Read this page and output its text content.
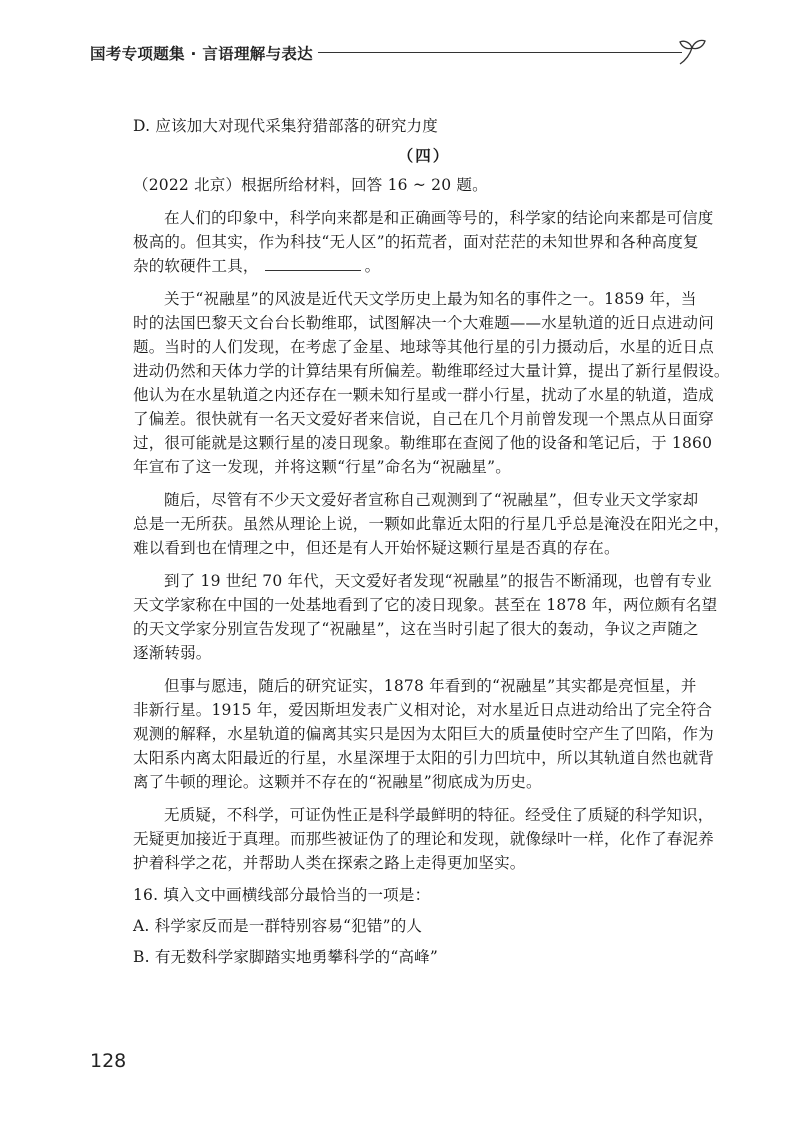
国考专项题集 · 言语理解与表达
D. 应该加大对现代采集狩猎部落的研究力度
（四）
（2022 北京）根据所给材料，回答 16 ~ 20 题。
在人们的印象中，科学向来都是和正确画等号的，科学家的结论向来都是可信度
极高的。但其实，作为科技“无人区”的拓荒者，面对茫茫的未知世界和各种高度复
杂的软硬件工具，	。
关于“祝融星”的风波是近代天文学历史上最为知名的事件之一。1859 年，当
时的法国巴黎天文台台长勒维耶，试图解决一个大难题——水星轨道的近日点进动问
题。当时的人们发现，在考虑了金星、地球等其他行星的引力摄动后，水星的近日点
进动仍然和天体力学的计算结果有所偏差。勒维耶经过大量计算，提出了新行星假设。
他认为在水星轨道之内还存在一颗未知行星或一群小行星，扰动了水星的轨道，造成
了偏差。很快就有一名天文爱好者来信说，自己在几个月前曾发现一个黑点从日面穿
过，很可能就是这颗行星的凌日现象。勒维耶在查阅了他的设备和笔记后，于 1860
年宣布了这一发现，并将这颗“行星”命名为“祝融星”。
随后，尽管有不少天文爱好者宣称自己观测到了“祝融星”，但专业天文学家却
总是一无所获。虽然从理论上说，一颗如此靠近太阳的行星几乎总是淹没在阳光之中，
难以看到也在情理之中，但还是有人开始怀疑这颗行星是否真的存在。
到了 19 世纪 70 年代，天文爱好者发现“祝融星”的报告不断涌现，也曾有专业
天文学家称在中国的一处基地看到了它的凌日现象。甚至在 1878 年，两位颇有名望
的天文学家分别宣告发现了“祝融星”，这在当时引起了很大的轰动，争议之声随之
逐渐转弱。
但事与愿违，随后的研究证实，1878 年看到的“祝融星”其实都是亮恒星，并
非新行星。1915 年，爱因斯坦发表广义相对论，对水星近日点进动给出了完全符合
观测的解释，水星轨道的偏离其实只是因为太阳巨大的质量使时空产生了凹陷，作为
太阳系内离太阳最近的行星，水星深埋于太阳的引力凹坑中，所以其轨道自然也就背
离了牛顿的理论。这颗并不存在的“祝融星”彻底成为历史。
无质疑，不科学，可证伪性正是科学最鲜明的特征。经受住了质疑的科学知识，
无疑更加接近于真理。而那些被证伪了的理论和发现，就像绿叶一样，化作了春泥养
护着科学之花，并帮助人类在探索之路上走得更加坚实。
16. 填入文中画横线部分最恰当的一项是：
A. 科学家反而是一群特别容易“犯错”的人
B. 有无数科学家脚踏实地勇攀科学的“高峰”
128
